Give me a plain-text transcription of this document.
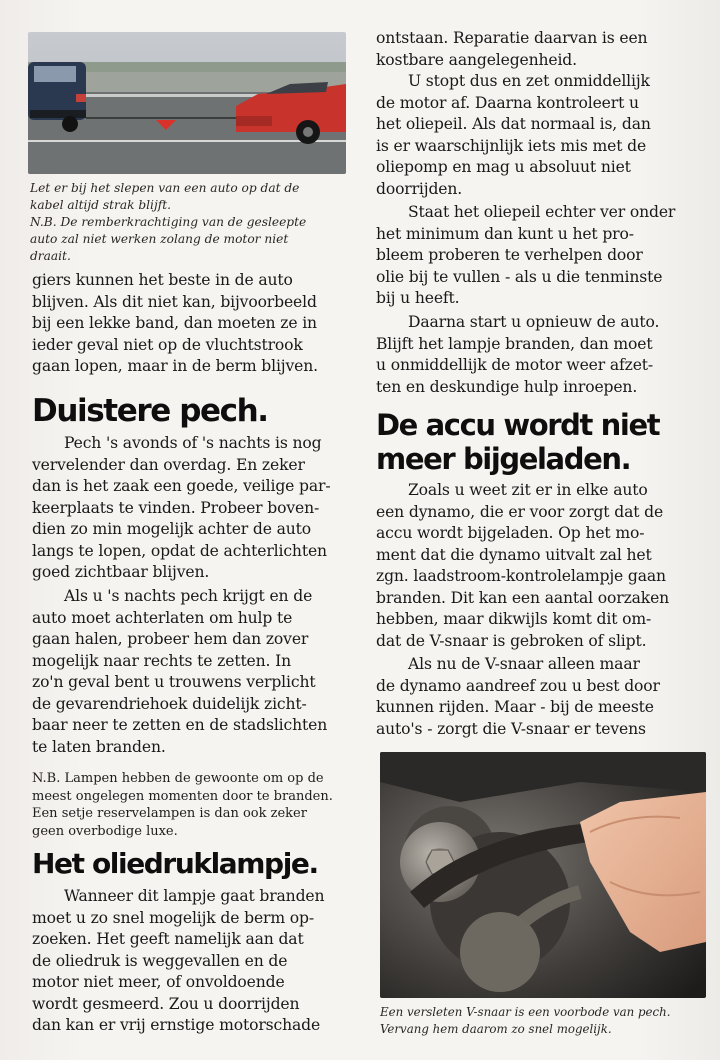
Let er bij het slepen van een auto op dat de
kabel altijd strak blijft.
N.B. De remberkrachtiging van de gesleepte
auto zal niet werken zolang de motor niet
draait.
giers kunnen het beste in de auto
blijven. Als dit niet kan, bijvoorbeeld
bij een lekke band, dan moeten ze in
ieder geval niet op de vluchtstrook
gaan lopen, maar in de berm blijven.
Duistere pech.
Pech 's avonds of 's nachts is nog
vervelender dan overdag. En zeker
dan is het zaak een goede, veilige par-
keerplaats te vinden. Probeer boven-
dien zo min mogelijk achter de auto
langs te lopen, opdat de achterlichten
goed zichtbaar blijven.
Als u 's nachts pech krijgt en de
auto moet achterlaten om hulp te
gaan halen, probeer hem dan zover
mogelijk naar rechts te zetten. In
zo'n geval bent u trouwens verplicht
de gevarendriehoek duidelijk zicht-
baar neer te zetten en de stadslichten
te laten branden.
N.B. Lampen hebben de gewoonte om op de
meest ongelegen momenten door te branden.
Een setje reservelampen is dan ook zeker
geen overbodige luxe.
Het oliedruklampje.
Wanneer dit lampje gaat branden
moet u zo snel mogelijk de berm op-
zoeken. Het geeft namelijk aan dat
de oliedruk is weggevallen en de
motor niet meer, of onvoldoende
wordt gesmeerd. Zou u doorrijden
dan kan er vrij ernstige motorschade
ontstaan. Reparatie daarvan is een
kostbare aangelegenheid.
U stopt dus en zet onmiddellijk
de motor af. Daarna kontroleert u
het oliepeil. Als dat normaal is, dan
is er waarschijnlijk iets mis met de
oliepomp en mag u absoluut niet
doorrijden.
Staat het oliepeil echter ver onder
het minimum dan kunt u het pro-
bleem proberen te verhelpen door
olie bij te vullen - als u die tenminste
bij u heeft.
Daarna start u opnieuw de auto.
Blijft het lampje branden, dan moet
u onmiddellijk de motor weer afzet-
ten en deskundige hulp inroepen.
De accu wordt niet
meer bijgeladen.
Zoals u weet zit er in elke auto
een dynamo, die er voor zorgt dat de
accu wordt bijgeladen. Op het mo-
ment dat die dynamo uitvalt zal het
zgn. laadstroom-kontrolelampje gaan
branden. Dit kan een aantal oorzaken
hebben, maar dikwijls komt dit om-
dat de V-snaar is gebroken of slipt.
Als nu de V-snaar alleen maar
de dynamo aandreef zou u best door
kunnen rijden. Maar - bij de meeste
auto's - zorgt die V-snaar er tevens
Een versleten V-snaar is een voorbode van pech.
Vervang hem daarom zo snel mogelijk.
